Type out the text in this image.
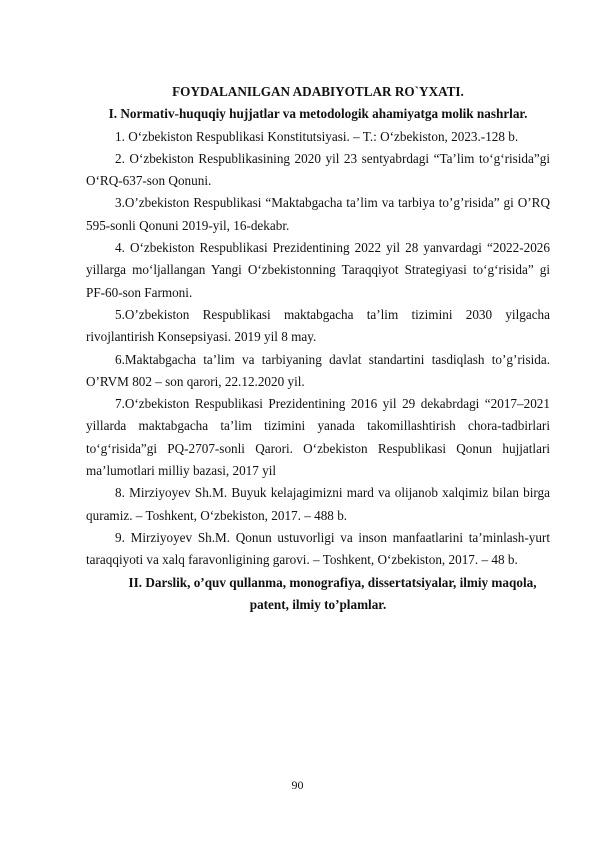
FOYDALANILGAN ADABIYOTLAR RO`YXATI.

I. Normativ-huquqiy hujjatlar va metodologik ahamiyatga molik nashrlar.

1. O‘zbekiston Respublikasi Konstitutsiyasi. – T.: O‘zbekiston, 2023.-128 b.

2. O‘zbekiston Respublikasining 2020 yil 23 sentyabrdagi “Ta’lim to‘g‘risida”gi O‘RQ-637-son Qonuni.

3.O’zbekiston Respublikasi “Maktabgacha ta’lim va tarbiya to’g’risida” gi O’RQ 595-sonli Qonuni 2019-yil, 16-dekabr.

4. O‘zbekiston Respublikasi Prezidentining 2022 yil 28 yanvardagi “2022-2026 yillarga mo‘ljallangan Yangi O‘zbekistonning Taraqqiyot Strategiyasi to‘g‘risida” gi PF-60-son Farmoni.

5.O’zbekiston Respublikasi maktabgacha ta’lim tizimini 2030 yilgacha rivojlantirish Konsepsiyasi. 2019 yil 8 may.

6.Maktabgacha ta’lim va tarbiyaning davlat standartini tasdiqlash to’g’risida. O’RVM 802 – son qarori, 22.12.2020 yil.

7.O‘zbekiston Respublikasi Prezidentining 2016 yil 29 dekabrdagi “2017–2021 yillarda maktabgacha ta’lim tizimini yanada takomillashtirish chora-tadbirlari to‘g‘risida”gi PQ-2707-sonli Qarori. O‘zbekiston Respublikasi Qonun hujjatlari ma’lumotlari milliy bazasi, 2017 yil

8. Mirziyoyev Sh.M. Buyuk kelajagimizni mard va olijanob xalqimiz bilan birga quramiz. – Toshkent, O‘zbekiston, 2017. – 488 b.

9. Mirziyoyev Sh.M. Qonun ustuvorligi va inson manfaatlarini ta’minlash-yurt taraqqiyoti va xalq faravonligining garovi. – Toshkent, O‘zbekiston, 2017. – 48 b.

II. Darslik, o’quv qullanma, monografiya, dissertatsiyalar, ilmiy maqola, patent, ilmiy to’plamlar.

90
